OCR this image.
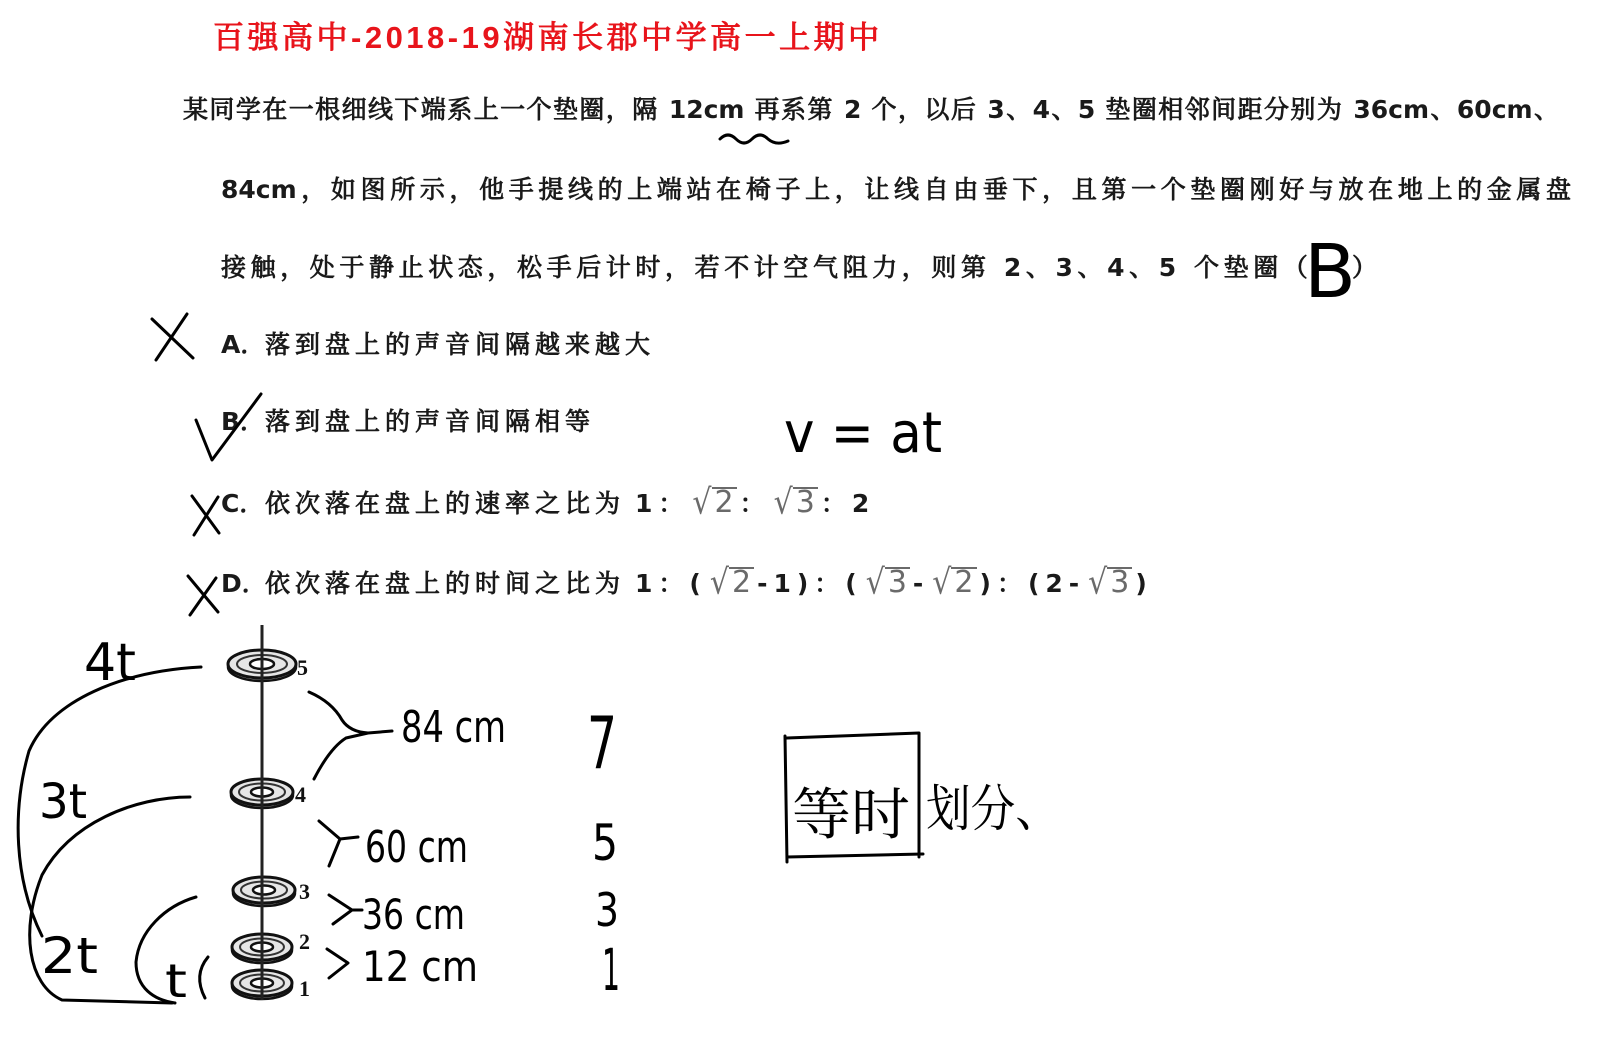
百强高中-2018-19湖南长郡中学高一上期中
某同学在一根细线下端系上一个垫圈，隔 12cm 再系第 2 个，以后 3、4、5 垫圈相邻间距分别为 36cm、60cm、
84cm，如图所示，他手提线的上端站在椅子上，让线自由垂下，且第一个垫圈刚好与放在地上的金属盘
接触，处于静止状态，松手后计时，若不计空气阻力，则第 2、3、4、5 个垫圈（ ）
A．落到盘上的声音间隔越来越大
B．落到盘上的声音间隔相等
C．依次落在盘上的速率之比为 1： √ 2 ： √ 3 ：2
D．依次落在盘上的时间之比为 1：( √ 2 -1)：( √ 3 - √ 2 )：(2- √ 3 )
5
4
3
2
1
B
v = at
4t
3t
2t t
84 cm
60 cm
36 cm
12 cm
7
5
3
1
等时 划分、
